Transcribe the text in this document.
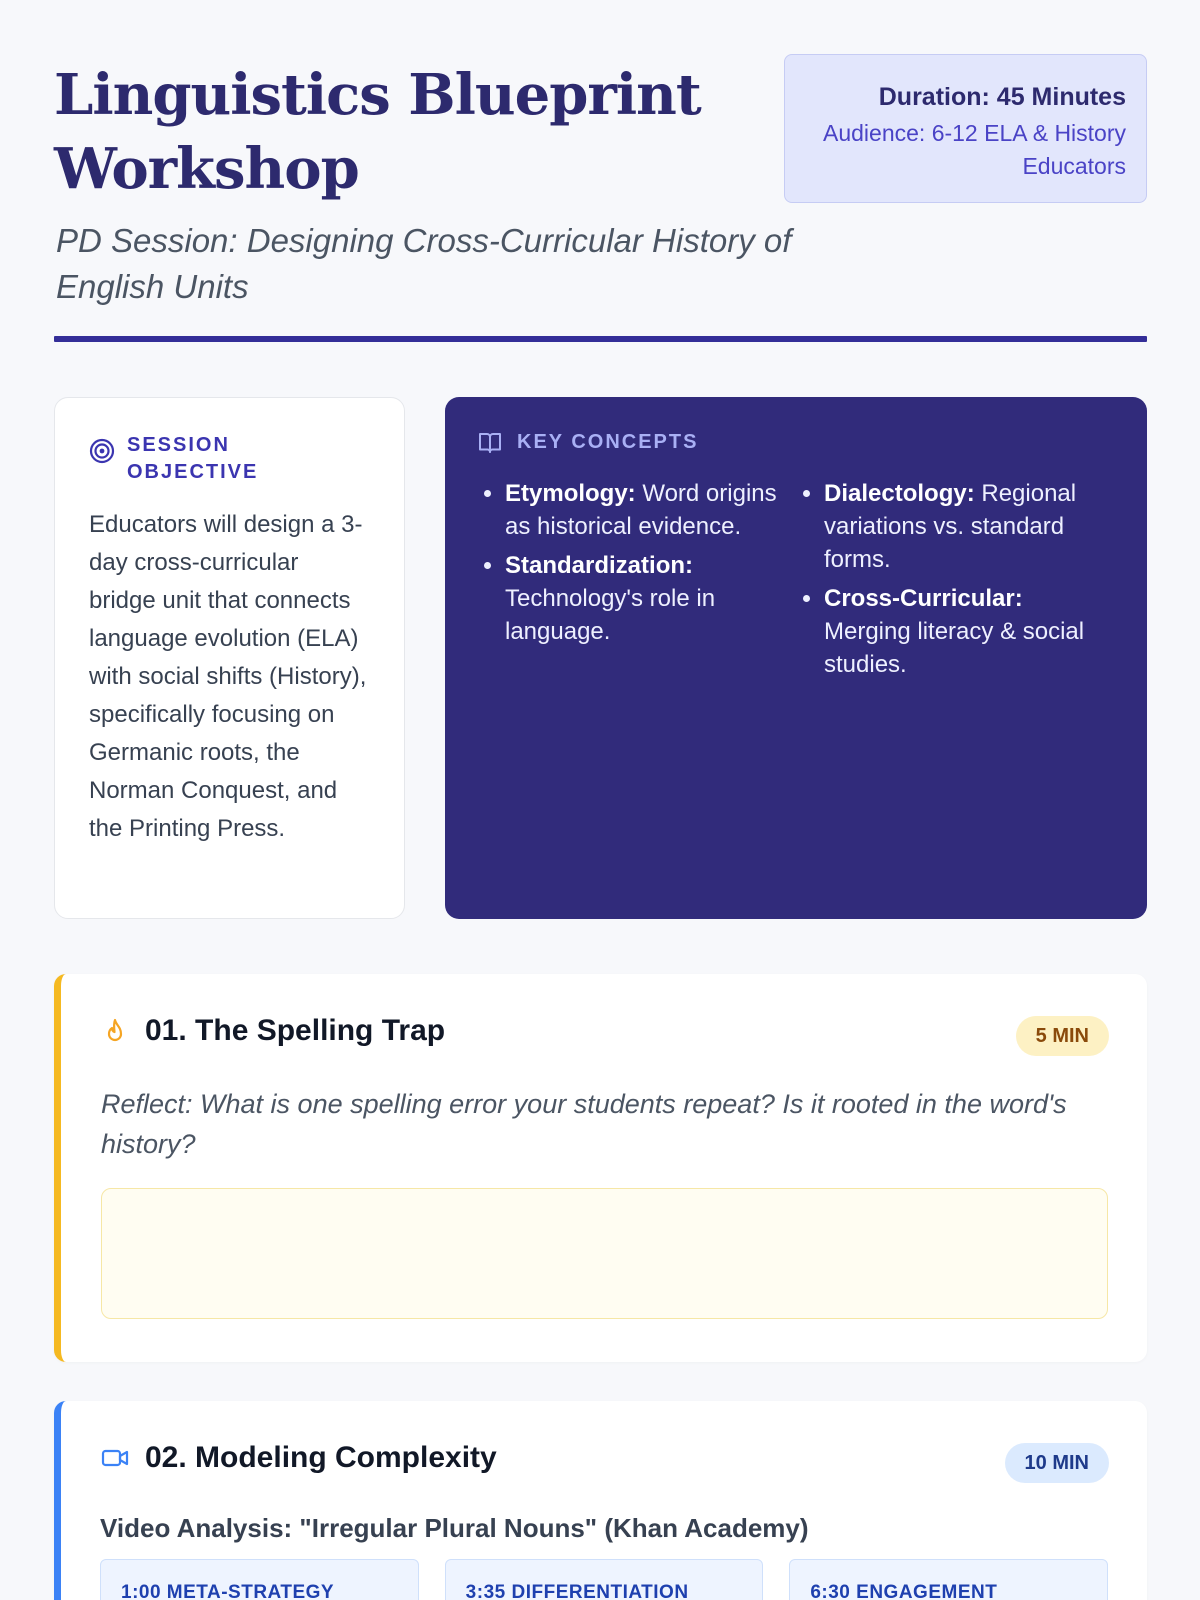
Linguistics Blueprint
Workshop
PD Session: Designing Cross-Curricular History of English Units
Duration: 45 Minutes
Audience: 6-12 ELA & History Educators
SESSION
OBJECTIVE
Educators will design a 3-day cross-curricular bridge unit that connects language evolution (ELA) with social shifts (History), specifically focusing on Germanic roots, the Norman Conquest, and the Printing Press.
KEY CONCEPTS
• Etymology: Word origins as historical evidence.
• Standardization: Technology's role in language.
• Dialectology: Regional variations vs. standard forms.
• Cross-Curricular: Merging literacy & social studies.
01. The Spelling Trap	5 MIN
Reflect: What is one spelling error your students repeat? Is it rooted in the word's history?
02. Modeling Complexity	10 MIN
Video Analysis: "Irregular Plural Nouns" (Khan Academy)
1:00 META-STRATEGY	3:35 DIFFERENTIATION	6:30 ENGAGEMENT
